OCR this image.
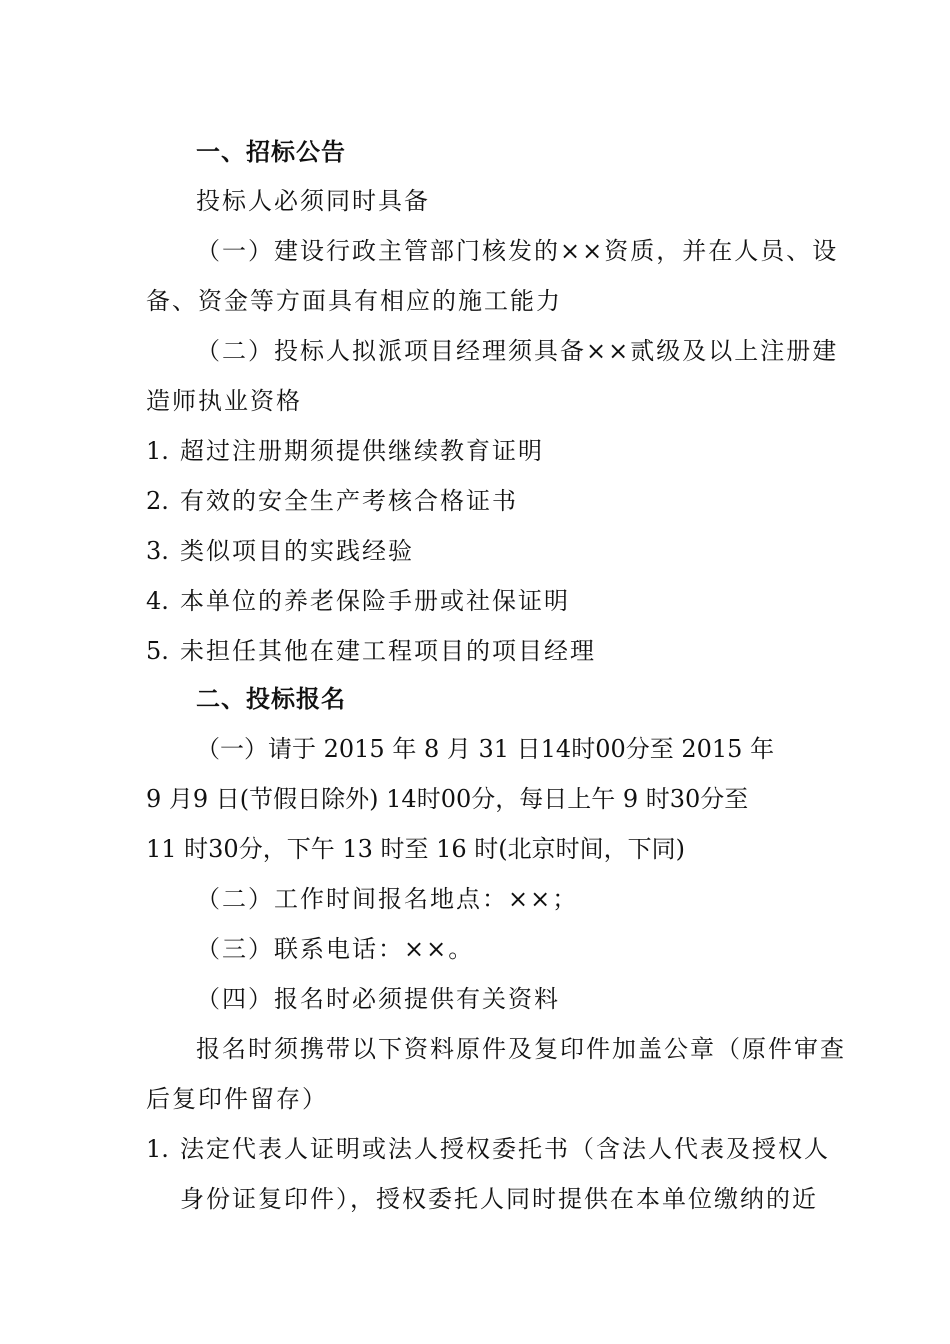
一、招标公告
投标人必须同时具备
（一）建设行政主管部门核发的××资质，并在人员、设
备、资金等方面具有相应的施工能力
（二）投标人拟派项目经理须具备××贰级及以上注册建
造师执业资格
1. 超过注册期须提供继续教育证明
2. 有效的安全生产考核合格证书
3. 类似项目的实践经验
4. 本单位的养老保险手册或社保证明
5. 未担任其他在建工程项目的项目经理
二、投标报名
（一）请于 2015 年 8 月 31 日14时00分至 2015 年
9 月9 日(节假日除外) 14时00分，每日上午 9 时30分至
11 时30分，下午 13 时至 16 时(北京时间，下同)
（二）工作时间报名地点：××；
（三）联系电话：××。
（四）报名时必须提供有关资料
报名时须携带以下资料原件及复印件加盖公章（原件审查
后复印件留存）
1. 法定代表人证明或法人授权委托书（含法人代表及授权人
身份证复印件），授权委托人同时提供在本单位缴纳的近
